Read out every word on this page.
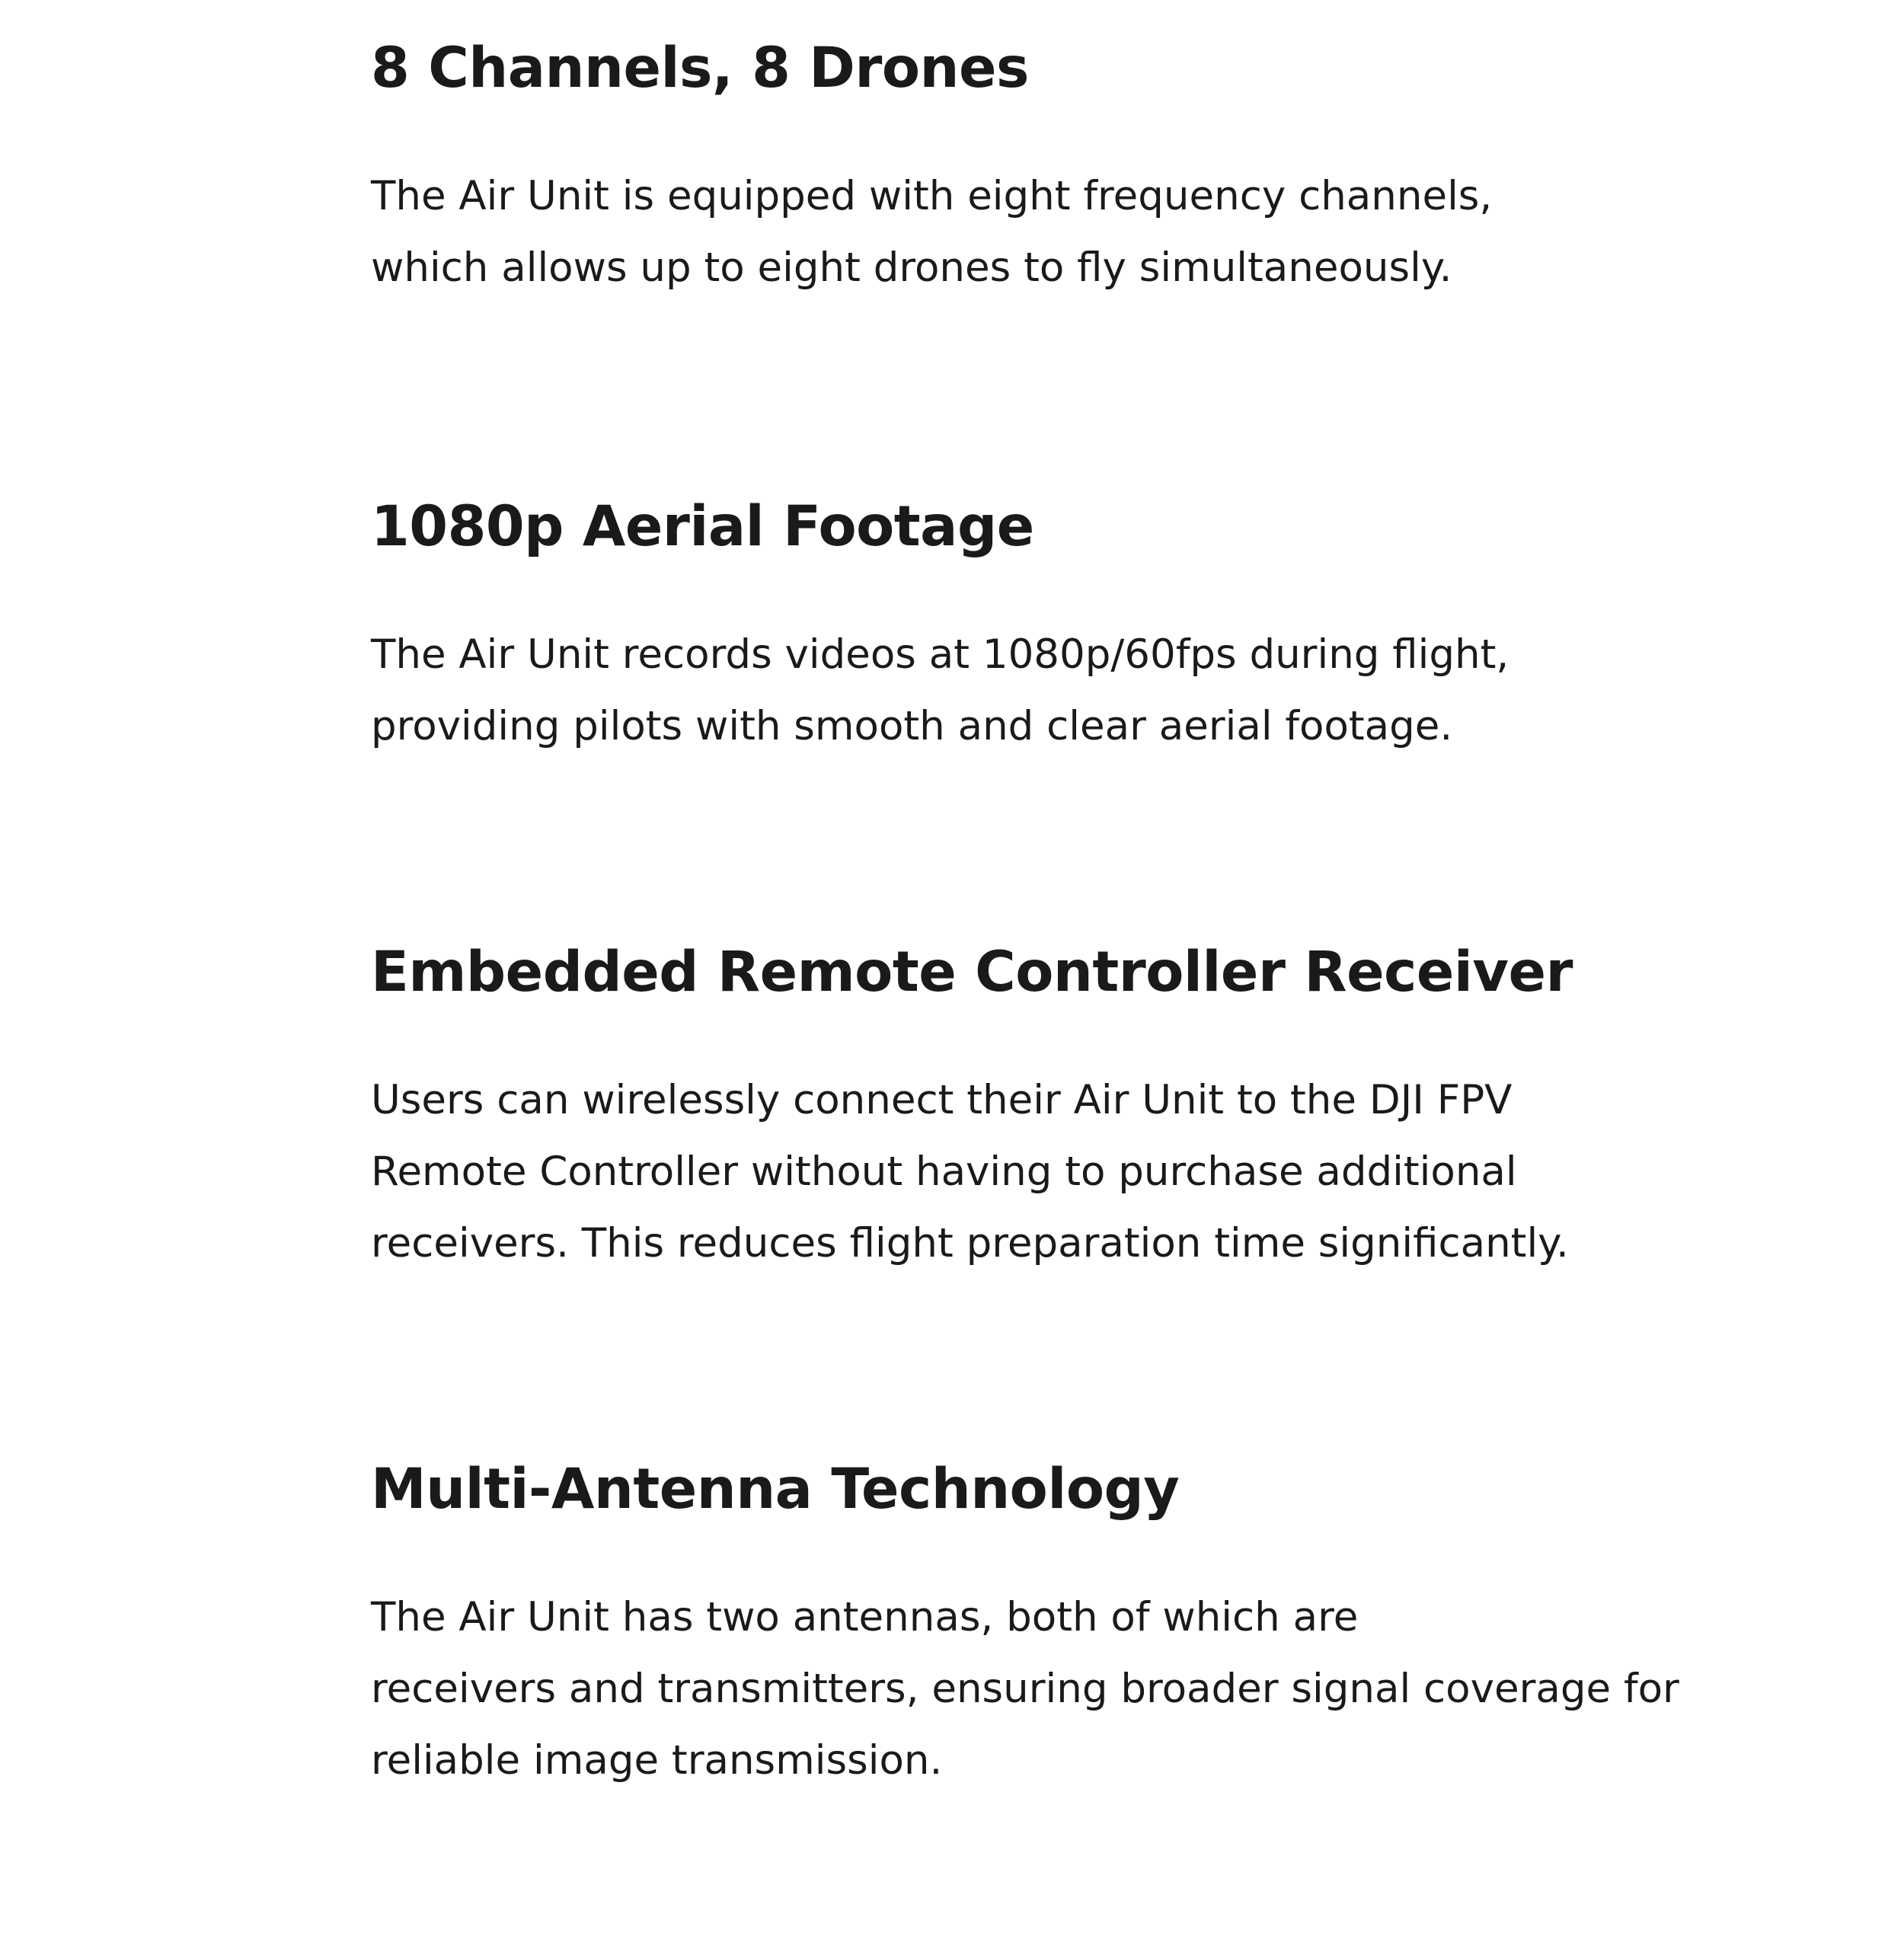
8 Channels, 8 Drones

The Air Unit is equipped with eight frequency channels,
which allows up to eight drones to fly simultaneously.

1080p Aerial Footage

The Air Unit records videos at 1080p/60fps during flight,
providing pilots with smooth and clear aerial footage.

Embedded Remote Controller Receiver

Users can wirelessly connect their Air Unit to the DJI FPV
Remote Controller without having to purchase additional
receivers. This reduces flight preparation time significantly.

Multi-Antenna Technology

The Air Unit has two antennas, both of which are
receivers and transmitters, ensuring broader signal coverage for
reliable image transmission.
